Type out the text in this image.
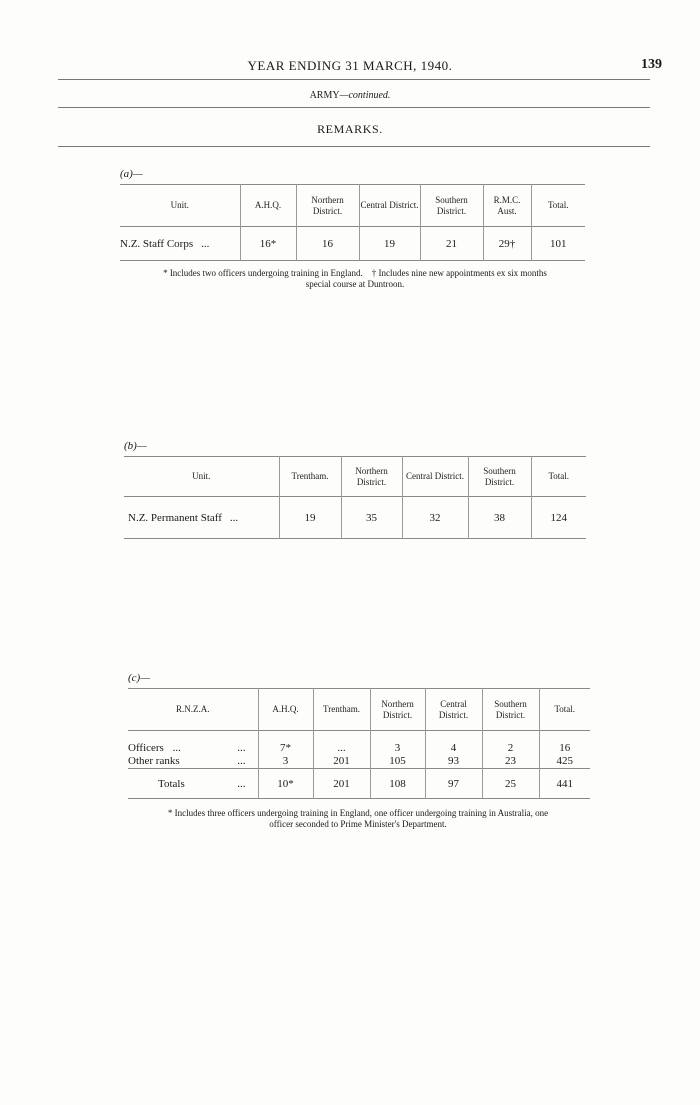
YEAR ENDING 31 MARCH, 1940.	139
ARMY—continued.
REMARKS.
(a)—
Unit.	A.H.Q.	Northern District.	Central District.	Southern District.	R.M.C. Aust.	Total.
N.Z. Staff Corps ...	16*	16	19	21	29†	101
* Includes two officers undergoing training in England. † Includes nine new appointments ex six months
special course at Duntroon.
(b)—
Unit.	Trentham.	Northern District.	Central District.	Southern District.	Total.
N.Z. Permanent Staff ...	19	35	32	38	124
(c)—
R.N.Z.A.	A.H.Q.	Trentham.	Northern District.	Central District.	Southern District.	Total.

Officers ... ...	7*	...	3	4	2	16
Other ranks ...	3	201	105	93	23	425
Totals ...	10*	201	108	97	25	441
* Includes three officers undergoing training in England, one officer undergoing training in Australia, one
officer seconded to Prime Minister's Department.
